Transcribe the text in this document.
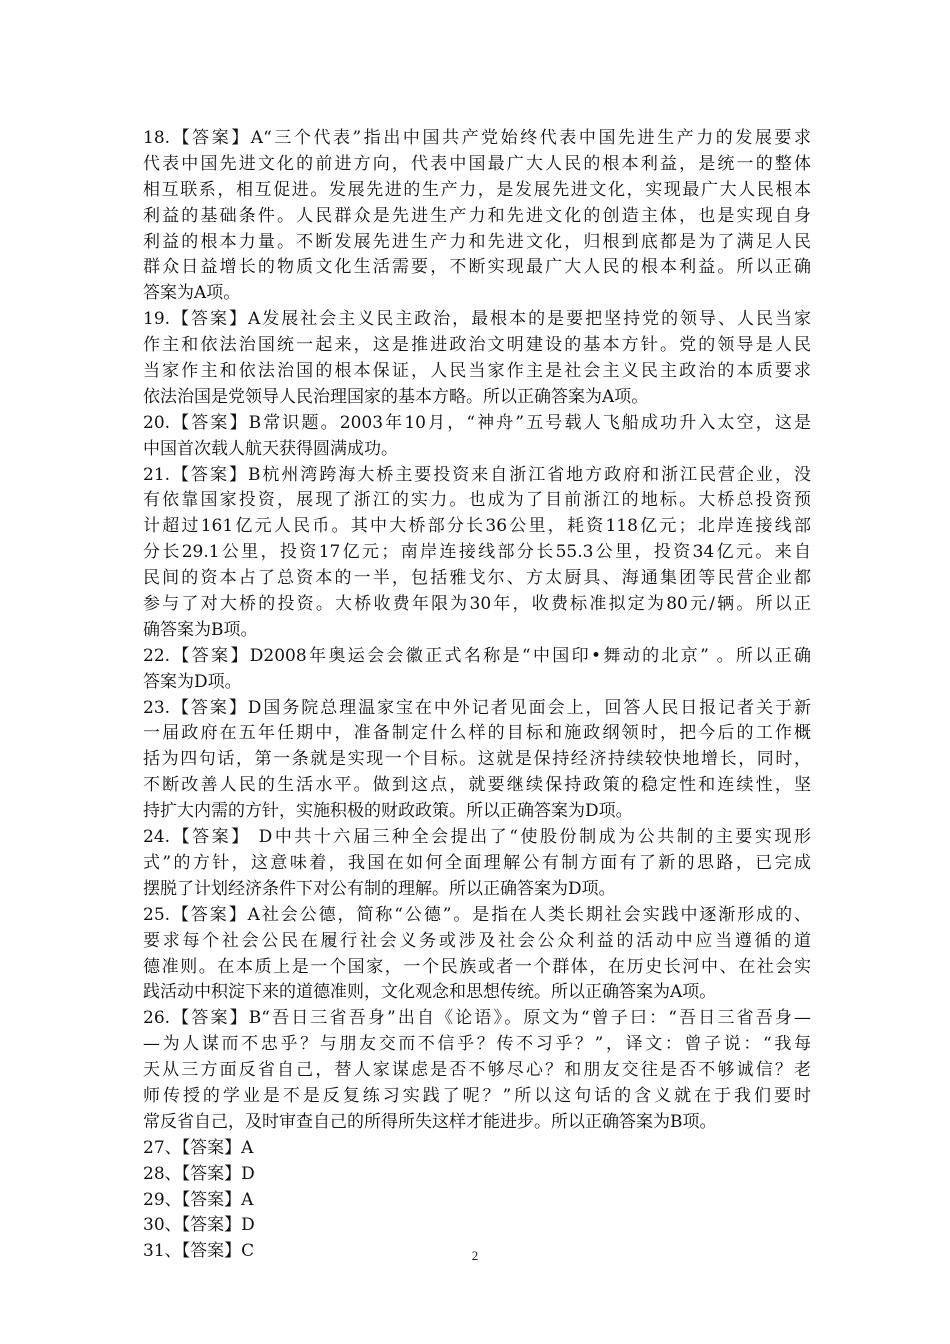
18.【答案】A“三个代表”指出中国共产党始终代表中国先进生产力的发展要求
代表中国先进文化的前进方向，代表中国最广大人民的根本利益，是统一的整体
相互联系，相互促进。发展先进的生产力，是发展先进文化，实现最广大人民根本
利益的基础条件。人民群众是先进生产力和先进文化的创造主体，也是实现自身
利益的根本力量。不断发展先进生产力和先进文化，归根到底都是为了满足人民
群众日益增长的物质文化生活需要，不断实现最广大人民的根本利益。所以正确
答案为A项。
19.【答案】A发展社会主义民主政治，最根本的是要把坚持党的领导、人民当家
作主和依法治国统一起来，这是推进政治文明建设的基本方针。党的领导是人民
当家作主和依法治国的根本保证，人民当家作主是社会主义民主政治的本质要求
依法治国是党领导人民治理国家的基本方略。所以正确答案为A项。
20.【答案】B常识题。2003年10月，“神舟”五号载人飞船成功升入太空，这是
中国首次载人航天获得圆满成功。
21.【答案】B杭州湾跨海大桥主要投资来自浙江省地方政府和浙江民营企业，没
有依靠国家投资，展现了浙江的实力。也成为了目前浙江的地标。大桥总投资预
计超过161亿元人民币。其中大桥部分长36公里，耗资118亿元；北岸连接线部
分长29.1公里，投资17亿元；南岸连接线部分长55.3公里，投资34亿元。来自
民间的资本占了总资本的一半，包括雅戈尔、方太厨具、海通集团等民营企业都
参与了对大桥的投资。大桥收费年限为30年，收费标准拟定为80元/辆。所以正
确答案为B项。
22.【答案】D2008年奥运会会徽正式名称是“中国印•舞动的北京” 。所以正确
答案为D项。
23.【答案】D国务院总理温家宝在中外记者见面会上，回答人民日报记者关于新
一届政府在五年任期中，准备制定什么样的目标和施政纲领时，把今后的工作概
括为四句话，第一条就是实现一个目标。这就是保持经济持续较快地增长，同时，
不断改善人民的生活水平。做到这点，就要继续保持政策的稳定性和连续性，坚
持扩大内需的方针，实施积极的财政政策。所以正确答案为D项。
24.【答案】 D中共十六届三种全会提出了“使股份制成为公共制的主要实现形
式”的方针，这意味着，我国在如何全面理解公有制方面有了新的思路，已完成
摆脱了计划经济条件下对公有制的理解。所以正确答案为D项。
25.【答案】A社会公德，简称“公德”。是指在人类长期社会实践中逐渐形成的、
要求每个社会公民在履行社会义务或涉及社会公众利益的活动中应当遵循的道
德准则。在本质上是一个国家，一个民族或者一个群体，在历史长河中、在社会实
践活动中积淀下来的道德准则，文化观念和思想传统。所以正确答案为A项。
26.【答案】B“吾日三省吾身”出自《论语》。原文为“曾子曰：“吾日三省吾身—
—为人谋而不忠乎？与朋友交而不信乎？传不习乎？”，译文：曾子说：“我每
天从三方面反省自己，替人家谋虑是否不够尽心？和朋友交往是否不够诚信？老
师传授的学业是不是反复练习实践了呢？”所以这句话的含义就在于我们要时
常反省自己，及时审查自己的所得所失这样才能进步。所以正确答案为B项。
27、【答案】A
28、【答案】D
29、【答案】A
30、【答案】D
31、【答案】C	2
